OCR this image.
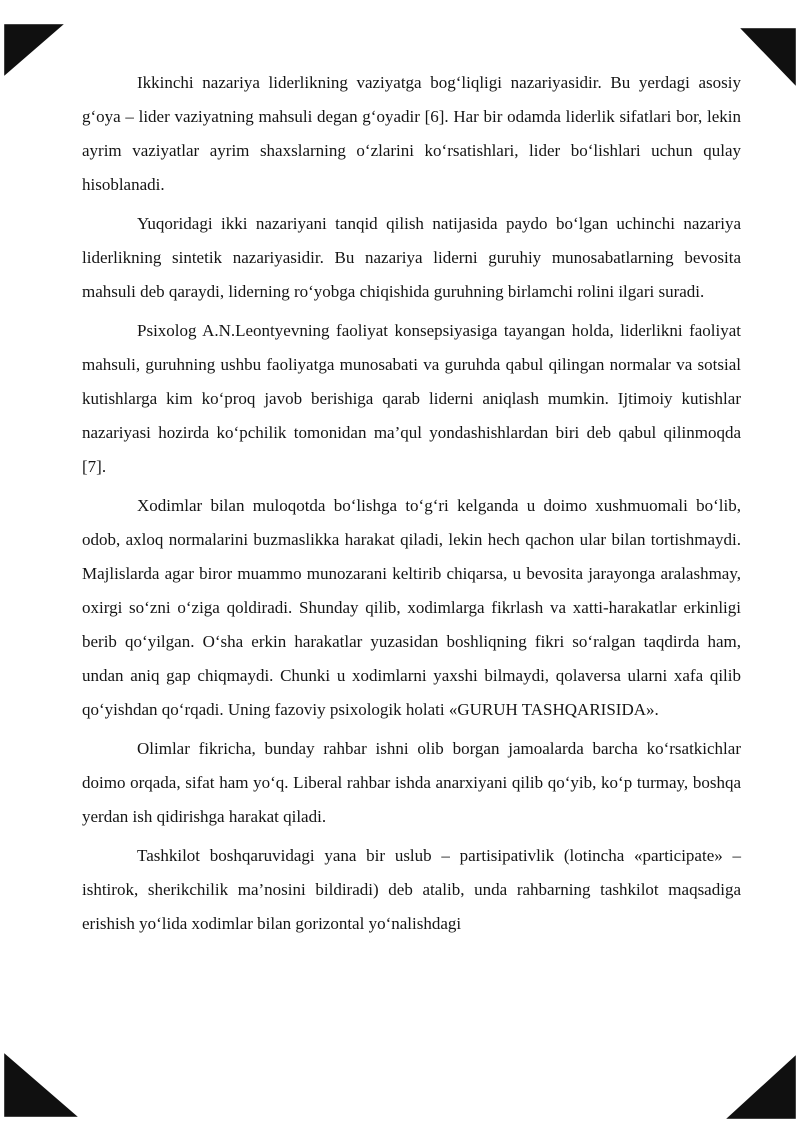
Ikkinchi nazariya liderlikning vaziyatga bog‘liqligi nazariyasidir. Bu yerdagi asosiy g‘oya – lider vaziyatning mahsuli degan g‘oyadir [6]. Har bir odamda liderlik sifatlari bor, lekin ayrim vaziyatlar ayrim shaxslarning o‘zlarini ko‘rsatishlari, lider bo‘lishlari uchun qulay hisoblanadi.

Yuqoridagi ikki nazariyani tanqid qilish natijasida paydo bo‘lgan uchinchi nazariya liderlikning sintetik nazariyasidir. Bu nazariya liderni guruhiy munosabatlarning bevosita mahsuli deb qaraydi, liderning ro‘yobga chiqishida guruhning birlamchi rolini ilgari suradi.

Psixolog A.N.Leontyevning faoliyat konsepsiyasiga tayangan holda, liderlikni faoliyat mahsuli, guruhning ushbu faoliyatga munosabati va guruhda qabul qilingan normalar va sotsial kutishlarga kim ko‘proq javob berishiga qarab liderni aniqlash mumkin. Ijtimoiy kutishlar nazariyasi hozirda ko‘pchilik tomonidan ma’qul yondashishlardan biri deb qabul qilinmoqda [7].

Xodimlar bilan muloqotda bo‘lishga to‘g‘ri kelganda u doimo xushmuomali bo‘lib, odob, axloq normalarini buzmaslikka harakat qiladi, lekin hech qachon ular bilan tortishmaydi. Majlislarda agar biror muammo munozarani keltirib chiqarsa, u bevosita jarayonga aralashmay, oxirgi so‘zni o‘ziga qoldiradi. Shunday qilib, xodimlarga fikrlash va xatti-harakatlar erkinligi berib qo‘yilgan. O‘sha erkin harakatlar yuzasidan boshliqning fikri so‘ralgan taqdirda ham, undan aniq gap chiqmaydi. Chunki u xodimlarni yaxshi bilmaydi, qolaversa ularni xafa qilib qo‘yishdan qo‘rqadi. Uning fazoviy psixologik holati «GURUH TASHQARISIDA».

Olimlar fikricha, bunday rahbar ishni olib borgan jamoalarda barcha ko‘rsatkichlar doimo orqada, sifat ham yo‘q. Liberal rahbar ishda anarxiyani qilib qo‘yib, ko‘p turmay, boshqa yerdan ish qidirishga harakat qiladi.

Tashkilot boshqaruvidagi yana bir uslub – partisipativlik (lotincha «participate» – ishtirok, sherikchilik ma’nosini bildiradi) deb atalib, unda rahbarning tashkilot maqsadiga erishish yo‘lida xodimlar bilan gorizontal yo‘nalishdagi
